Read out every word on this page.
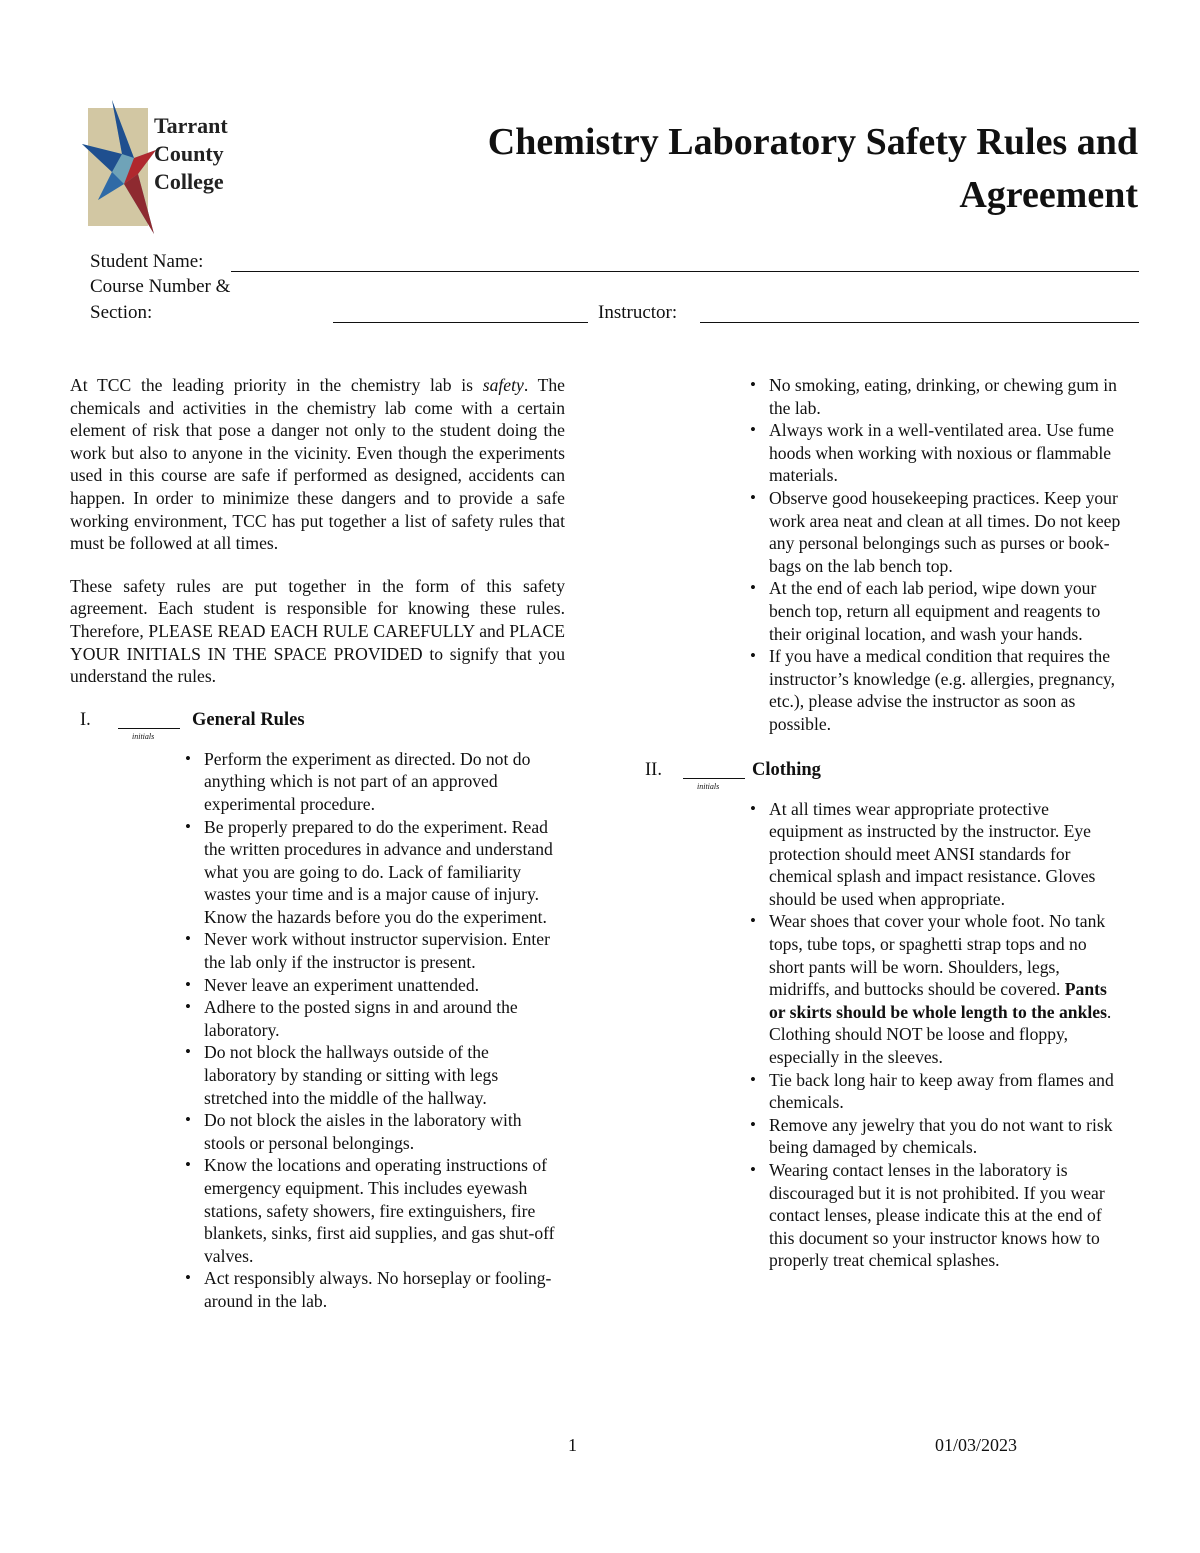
Tarrant
County
College
Chemistry Laboratory Safety Rules and
Agreement
Student Name:
Course Number &
Section:	Instructor:

At TCC the leading priority in the chemistry lab is safety. The chemicals and activities in the chemistry lab come with a certain element of risk that pose a danger not only to the student doing the work but also to anyone in the vicinity. Even though the experiments used in this course are safe if performed as designed, accidents can happen. In order to minimize these dangers and to provide a safe working environment, TCC has put together a list of safety rules that must be followed at all times.

These safety rules are put together in the form of this safety agreement. Each student is responsible for knowing these rules. Therefore, PLEASE READ EACH RULE CAREFULLY and PLACE YOUR INITIALS IN THE SPACE PROVIDED to signify that you understand the rules.

I.
initials
General Rules
• Perform the experiment as directed. Do not do anything which is not part of an approved experimental procedure.
• Be properly prepared to do the experiment. Read the written procedures in advance and understand what you are going to do. Lack of familiarity wastes your time and is a major cause of injury. Know the hazards before you do the experiment.
• Never work without instructor supervision. Enter the lab only if the instructor is present.
• Never leave an experiment unattended.
• Adhere to the posted signs in and around the laboratory.
• Do not block the hallways outside of the laboratory by standing or sitting with legs stretched into the middle of the hallway.
• Do not block the aisles in the laboratory with stools or personal belongings.
• Know the locations and operating instructions of emergency equipment. This includes eyewash stations, safety showers, fire extinguishers, fire blankets, sinks, first aid supplies, and gas shut-off valves.
• Act responsibly always. No horseplay or fooling-around in the lab.
• No smoking, eating, drinking, or chewing gum in the lab.
• Always work in a well-ventilated area. Use fume hoods when working with noxious or flammable materials.
• Observe good housekeeping practices. Keep your work area neat and clean at all times. Do not keep any personal belongings such as purses or book-bags on the lab bench top.
• At the end of each lab period, wipe down your bench top, return all equipment and reagents to their original location, and wash your hands.
• If you have a medical condition that requires the instructor’s knowledge (e.g. allergies, pregnancy, etc.), please advise the instructor as soon as possible.
II.
initials
Clothing
• At all times wear appropriate protective equipment as instructed by the instructor. Eye protection should meet ANSI standards for chemical splash and impact resistance. Gloves should be used when appropriate.
• Wear shoes that cover your whole foot. No tank tops, tube tops, or spaghetti strap tops and no short pants will be worn. Shoulders, legs, midriffs, and buttocks should be covered. Pants or skirts should be whole length to the ankles. Clothing should NOT be loose and floppy, especially in the sleeves.
• Tie back long hair to keep away from flames and chemicals.
• Remove any jewelry that you do not want to risk being damaged by chemicals.
• Wearing contact lenses in the laboratory is discouraged but it is not prohibited. If you wear contact lenses, please indicate this at the end of this document so your instructor knows how to properly treat chemical splashes.
1	01/03/2023
